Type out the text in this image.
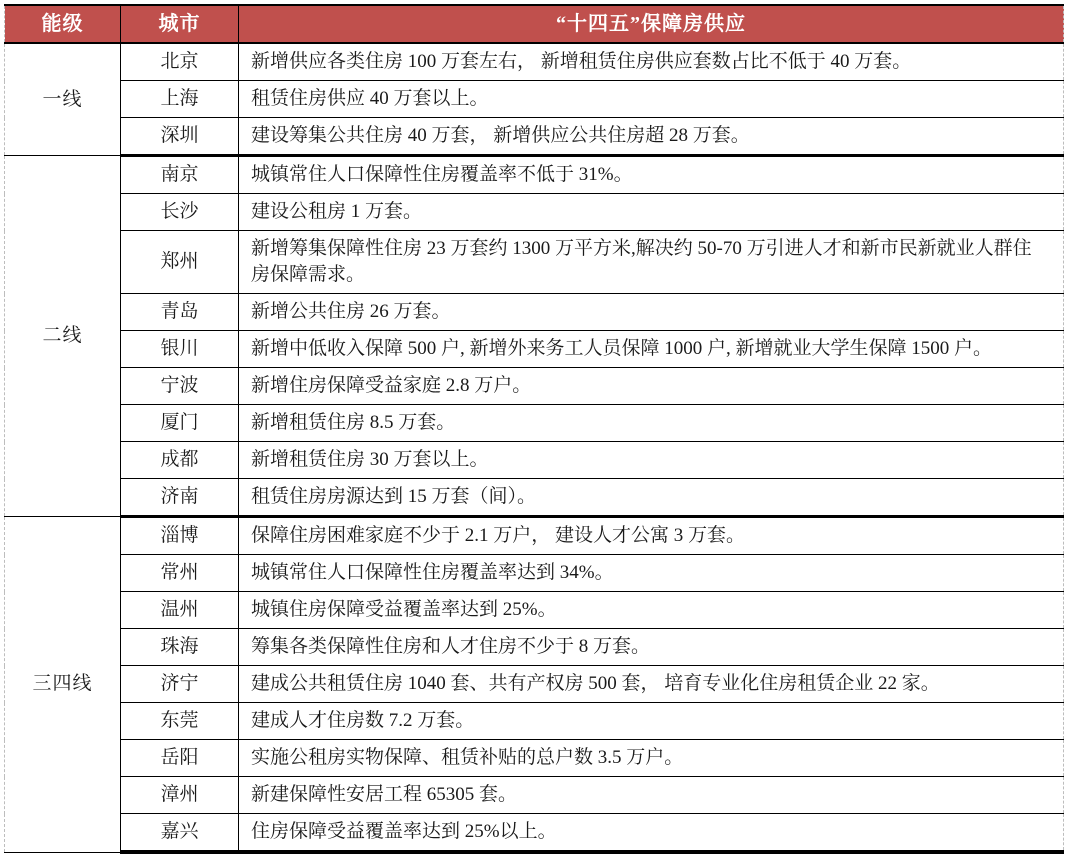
能级	城市	“十四五”保障房供应
一线	北京	新增供应各类住房 100 万套左右， 新增租赁住房供应套数占比不低于 40 万套。
	上海	租赁住房供应 40 万套以上。
	深圳	建设筹集公共住房 40 万套， 新增供应公共住房超 28 万套。
二线	南京	城镇常住人口保障性住房覆盖率不低于 31%。
	长沙	建设公租房 1 万套。
	郑州	新增筹集保障性住房 23 万套约 1300 万平方米,解决约 50-70 万引进人才和新市民新就业人群住房保障需求。
	青岛	新增公共住房 26 万套。
	银川	新增中低收入保障 500 户, 新增外来务工人员保障 1000 户, 新增就业大学生保障 1500 户。
	宁波	新增住房保障受益家庭 2.8 万户。
	厦门	新增租赁住房 8.5 万套。
	成都	新增租赁住房 30 万套以上。
	济南	租赁住房房源达到 15 万套（间）。
三四线	淄博	保障住房困难家庭不少于 2.1 万户， 建设人才公寓 3 万套。
	常州	城镇常住人口保障性住房覆盖率达到 34%。
	温州	城镇住房保障受益覆盖率达到 25%。
	珠海	筹集各类保障性住房和人才住房不少于 8 万套。
	济宁	建成公共租赁住房 1040 套、共有产权房 500 套， 培育专业化住房租赁企业 22 家。
	东莞	建成人才住房数 7.2 万套。
	岳阳	实施公租房实物保障、租赁补贴的总户数 3.5 万户。
	漳州	新建保障性安居工程 65305 套。
	嘉兴	住房保障受益覆盖率达到 25%以上。
